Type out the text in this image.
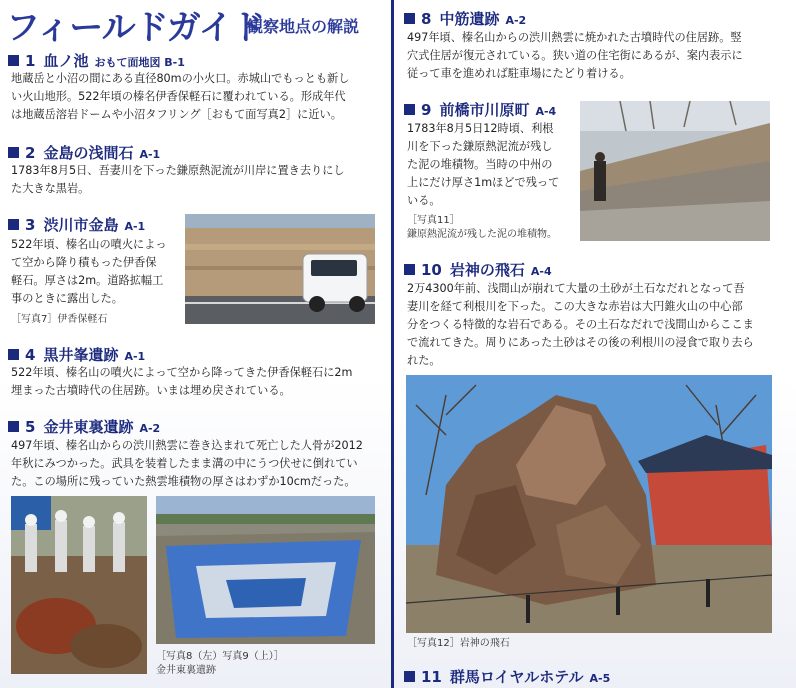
フィールドガイド
観察地点の解説
1 血ノ池 おもて面地図 B-1
地蔵岳と小沼の間にある直径80mの小火口。赤城山でもっとも新し
い火山地形。522年頃の榛名伊香保軽石に覆われている。形成年代
は地蔵岳溶岩ドームや小沼タフリング［おもて面写真2］に近い。
2 金島の浅間石 A-1
1783年8月5日、吾妻川を下った鎌原熱泥流が川岸に置き去りにし
た大きな黒岩。
3 渋川市金島 A-1
522年頃、榛名山の噴火によっ
て空から降り積もった伊香保
軽石。厚さは2m。道路拡幅工
事のときに露出した。
［写真7］伊香保軽石
4 黒井峯遺跡 A-1
522年頃、榛名山の噴火によって空から降ってきた伊香保軽石に2m
埋まった古墳時代の住居跡。いまは埋め戻されている。
5 金井東裏遺跡 A-2
497年頃、榛名山からの渋川熱雲に巻き込まれて死亡した人骨が2012
年秋にみつかった。武具を装着したまま溝の中にうつ伏せに倒れてい
た。この場所に残っていた熱雲堆積物の厚さはわずか10cmだった。
［写真8（左）写真9（上）］
金井東裏遺跡
8 中筋遺跡 A-2
497年頃、榛名山からの渋川熱雲に焼かれた古墳時代の住居跡。竪
穴式住居が復元されている。狭い道の住宅街にあるが、案内表示に
従って車を進めれば駐車場にたどり着ける。
9 前橋市川原町 A-4
1783年8月5日12時頃、利根
川を下った鎌原熱泥流が残し
た泥の堆積物。当時の中州の
上にだけ厚さ1mほどで残って
いる。
［写真11］
鎌原熱泥流が残した泥の堆積物。
10 岩神の飛石 A-4
2万4300年前、浅間山が崩れて大量の土砂が土石なだれとなって吾
妻川を経て利根川を下った。この大きな赤岩は大円錐火山の中心部
分をつくる特徴的な岩石である。その土石なだれで浅間山からここま
で流れてきた。周りにあった土砂はその後の利根川の浸食で取り去ら
れた。
［写真12］岩神の飛石
11 群馬ロイヤルホテル A-5
